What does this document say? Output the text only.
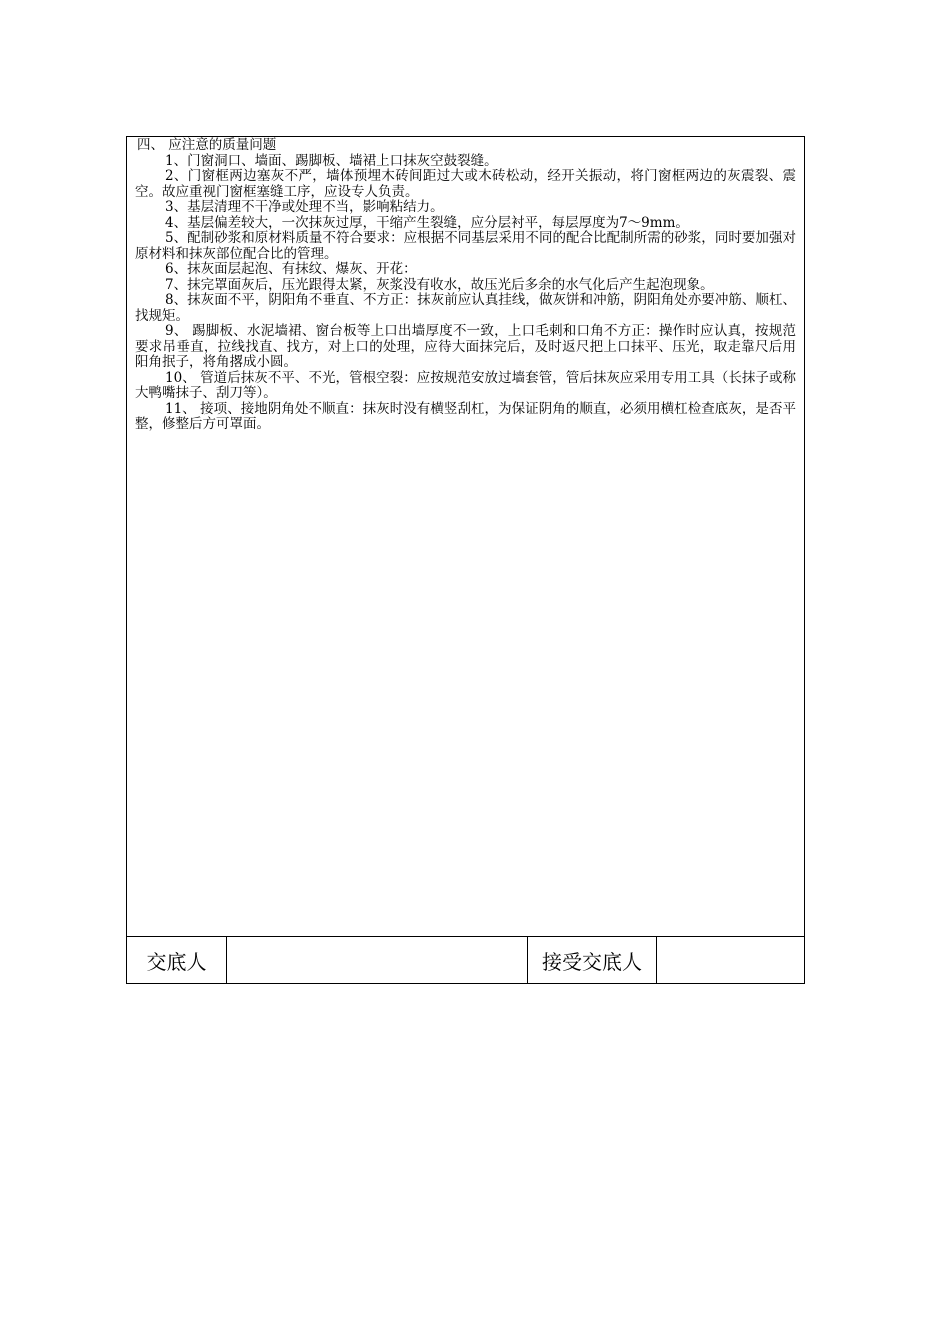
四、 应注意的质量问题

1、门窗洞口、墙面、踢脚板、墙裙上口抹灰空鼓裂缝。

2、门窗框两边塞灰不严，墙体预埋木砖间距过大或木砖松动，经开关振动，将门窗框两边的灰震裂、震空。故应重视门窗框塞缝工序，应设专人负责。

3、基层清理不干净或处理不当，影响粘结力。

4、基层偏差较大，一次抹灰过厚，干缩产生裂缝，应分层衬平，每层厚度为7～9mm。

5、配制砂浆和原材料质量不符合要求：应根据不同基层采用不同的配合比配制所需的砂浆，同时要加强对原材料和抹灰部位配合比的管理。

6、抹灰面层起泡、有抹纹、爆灰、开花：

7、抹完罩面灰后，压光跟得太紧，灰浆没有收水，故压光后多余的水气化后产生起泡现象。

8、抹灰面不平，阴阳角不垂直、不方正：抹灰前应认真挂线，做灰饼和冲筋，阴阳角处亦要冲筋、顺杠、找规矩。

9、 踢脚板、水泥墙裙、窗台板等上口出墙厚度不一致，上口毛刺和口角不方正：操作时应认真，按规范要求吊垂直，拉线找直、找方，对上口的处理，应待大面抹完后，及时返尺把上口抹平、压光，取走靠尺后用阳角抿子，将角撂成小圆。

10、 管道后抹灰不平、不光，管根空裂：应按规范安放过墙套管，管后抹灰应采用专用工具（长抹子或称大鸭嘴抹子、刮刀等）。

11、 接项、接地阴角处不顺直：抹灰时没有横竖刮杠，为保证阴角的顺直，必须用横杠检查底灰，是否平整，修整后方可罩面。

交底人	接受交底人
